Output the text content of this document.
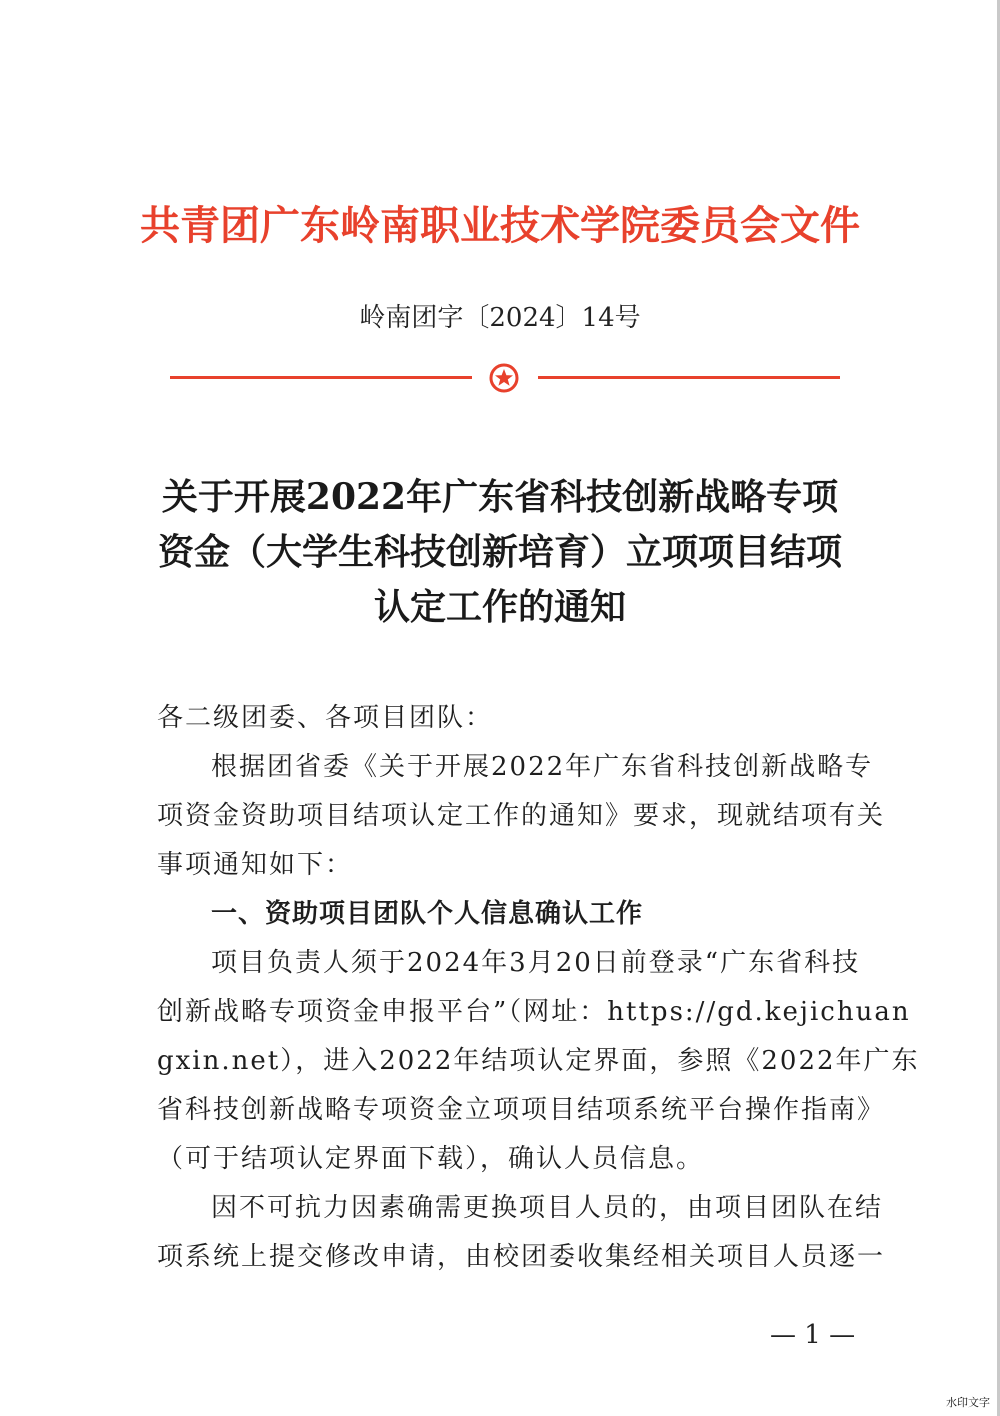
共青团广东岭南职业技术学院委员会文件
岭南团字〔2024〕14号
关于开展2022年广东省科技创新战略专项
资金（大学生科技创新培育）立项项目结项
认定工作的通知

各二级团委、各项目团队：

根据团省委《关于开展2022年广东省科技创新战略专

项资金资助项目结项认定工作的通知》要求，现就结项有关

事项通知如下：

一、资助项目团队个人信息确认工作

项目负责人须于2024年3月20日前登录“广东省科技

创新战略专项资金申报平台”（网址：https://gd.kejichuan

gxin.net），进入2022年结项认定界面，参照《2022年广东

省科技创新战略专项资金立项项目结项系统平台操作指南》

（可于结项认定界面下载），确认人员信息。

因不可抗力因素确需更换项目人员的，由项目团队在结

项系统上提交修改申请，由校团委收集经相关项目人员逐一

— 1 —
水印文字
